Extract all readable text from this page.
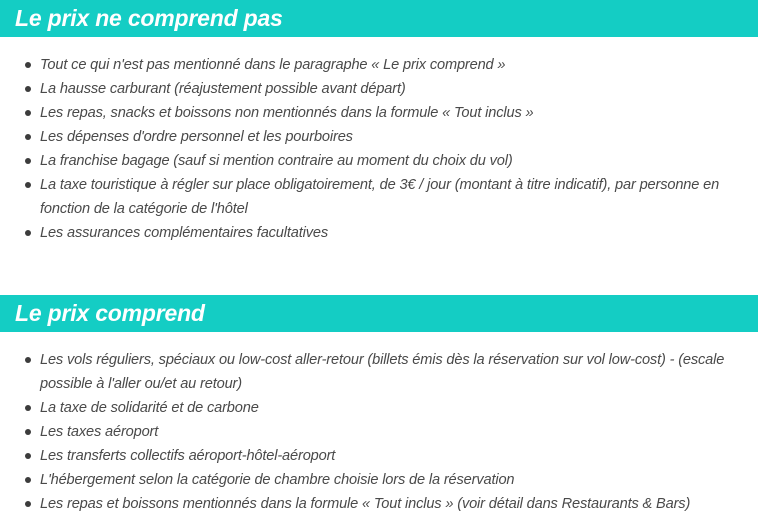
Le prix ne comprend pas
Tout ce qui n'est pas mentionné dans le paragraphe « Le prix comprend »
La hausse carburant (réajustement possible avant départ)
Les repas, snacks et boissons non mentionnés dans la formule « Tout inclus »
Les dépenses d'ordre personnel et les pourboires
La franchise bagage (sauf si mention contraire au moment du choix du vol)
La taxe touristique à régler sur place obligatoirement, de 3€ / jour (montant à titre indicatif), par personne en fonction de la catégorie de l'hôtel
Les assurances complémentaires facultatives
Le prix comprend
Les vols réguliers, spéciaux ou low-cost aller-retour (billets émis dès la réservation sur vol low-cost) - (escale possible à l'aller ou/et au retour)
La taxe de solidarité et de carbone
Les taxes aéroport
Les transferts collectifs aéroport-hôtel-aéroport
L'hébergement selon la catégorie de chambre choisie lors de la réservation
Les repas et boissons mentionnés dans la formule « Tout inclus » (voir détail dans Restaurants & Bars)
